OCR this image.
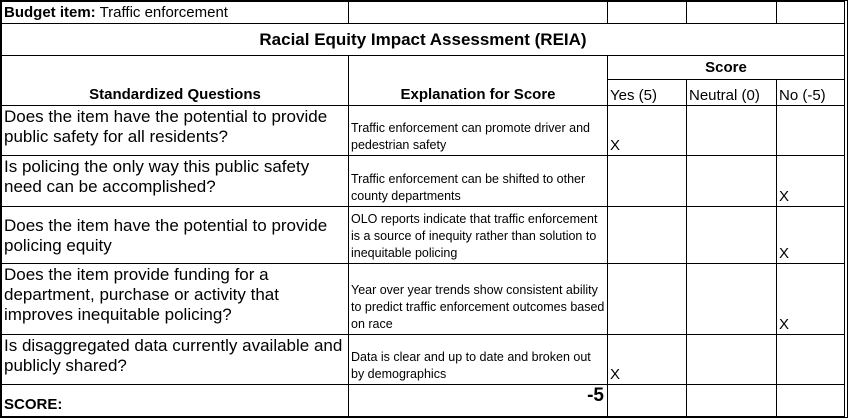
Budget item: Traffic enforcement				
Racial Equity Impact Assessment (REIA)				
Standardized Questions	Explanation for Score	Score		
		Yes (5)	Neutral (0)	No (-5)
Does the item have the potential to provide public safety for all residents?	Traffic enforcement can promote driver and pedestrian safety	X		
Is policing the only way this public safety need can be accomplished?	Traffic enforcement can be shifted to other county departments			X
Does the item have the potential to provide policing equity	OLO reports indicate that traffic enforcement is a source of inequity rather than solution to inequitable policing			X
Does the item provide funding for a department, purchase or activity that improves inequitable policing?	Year over year trends show consistent ability to predict traffic enforcement outcomes based on race			X
Is disaggregated data currently available and publicly shared?	Data is clear and up to date and broken out by demographics	X		
SCORE:	-5			
